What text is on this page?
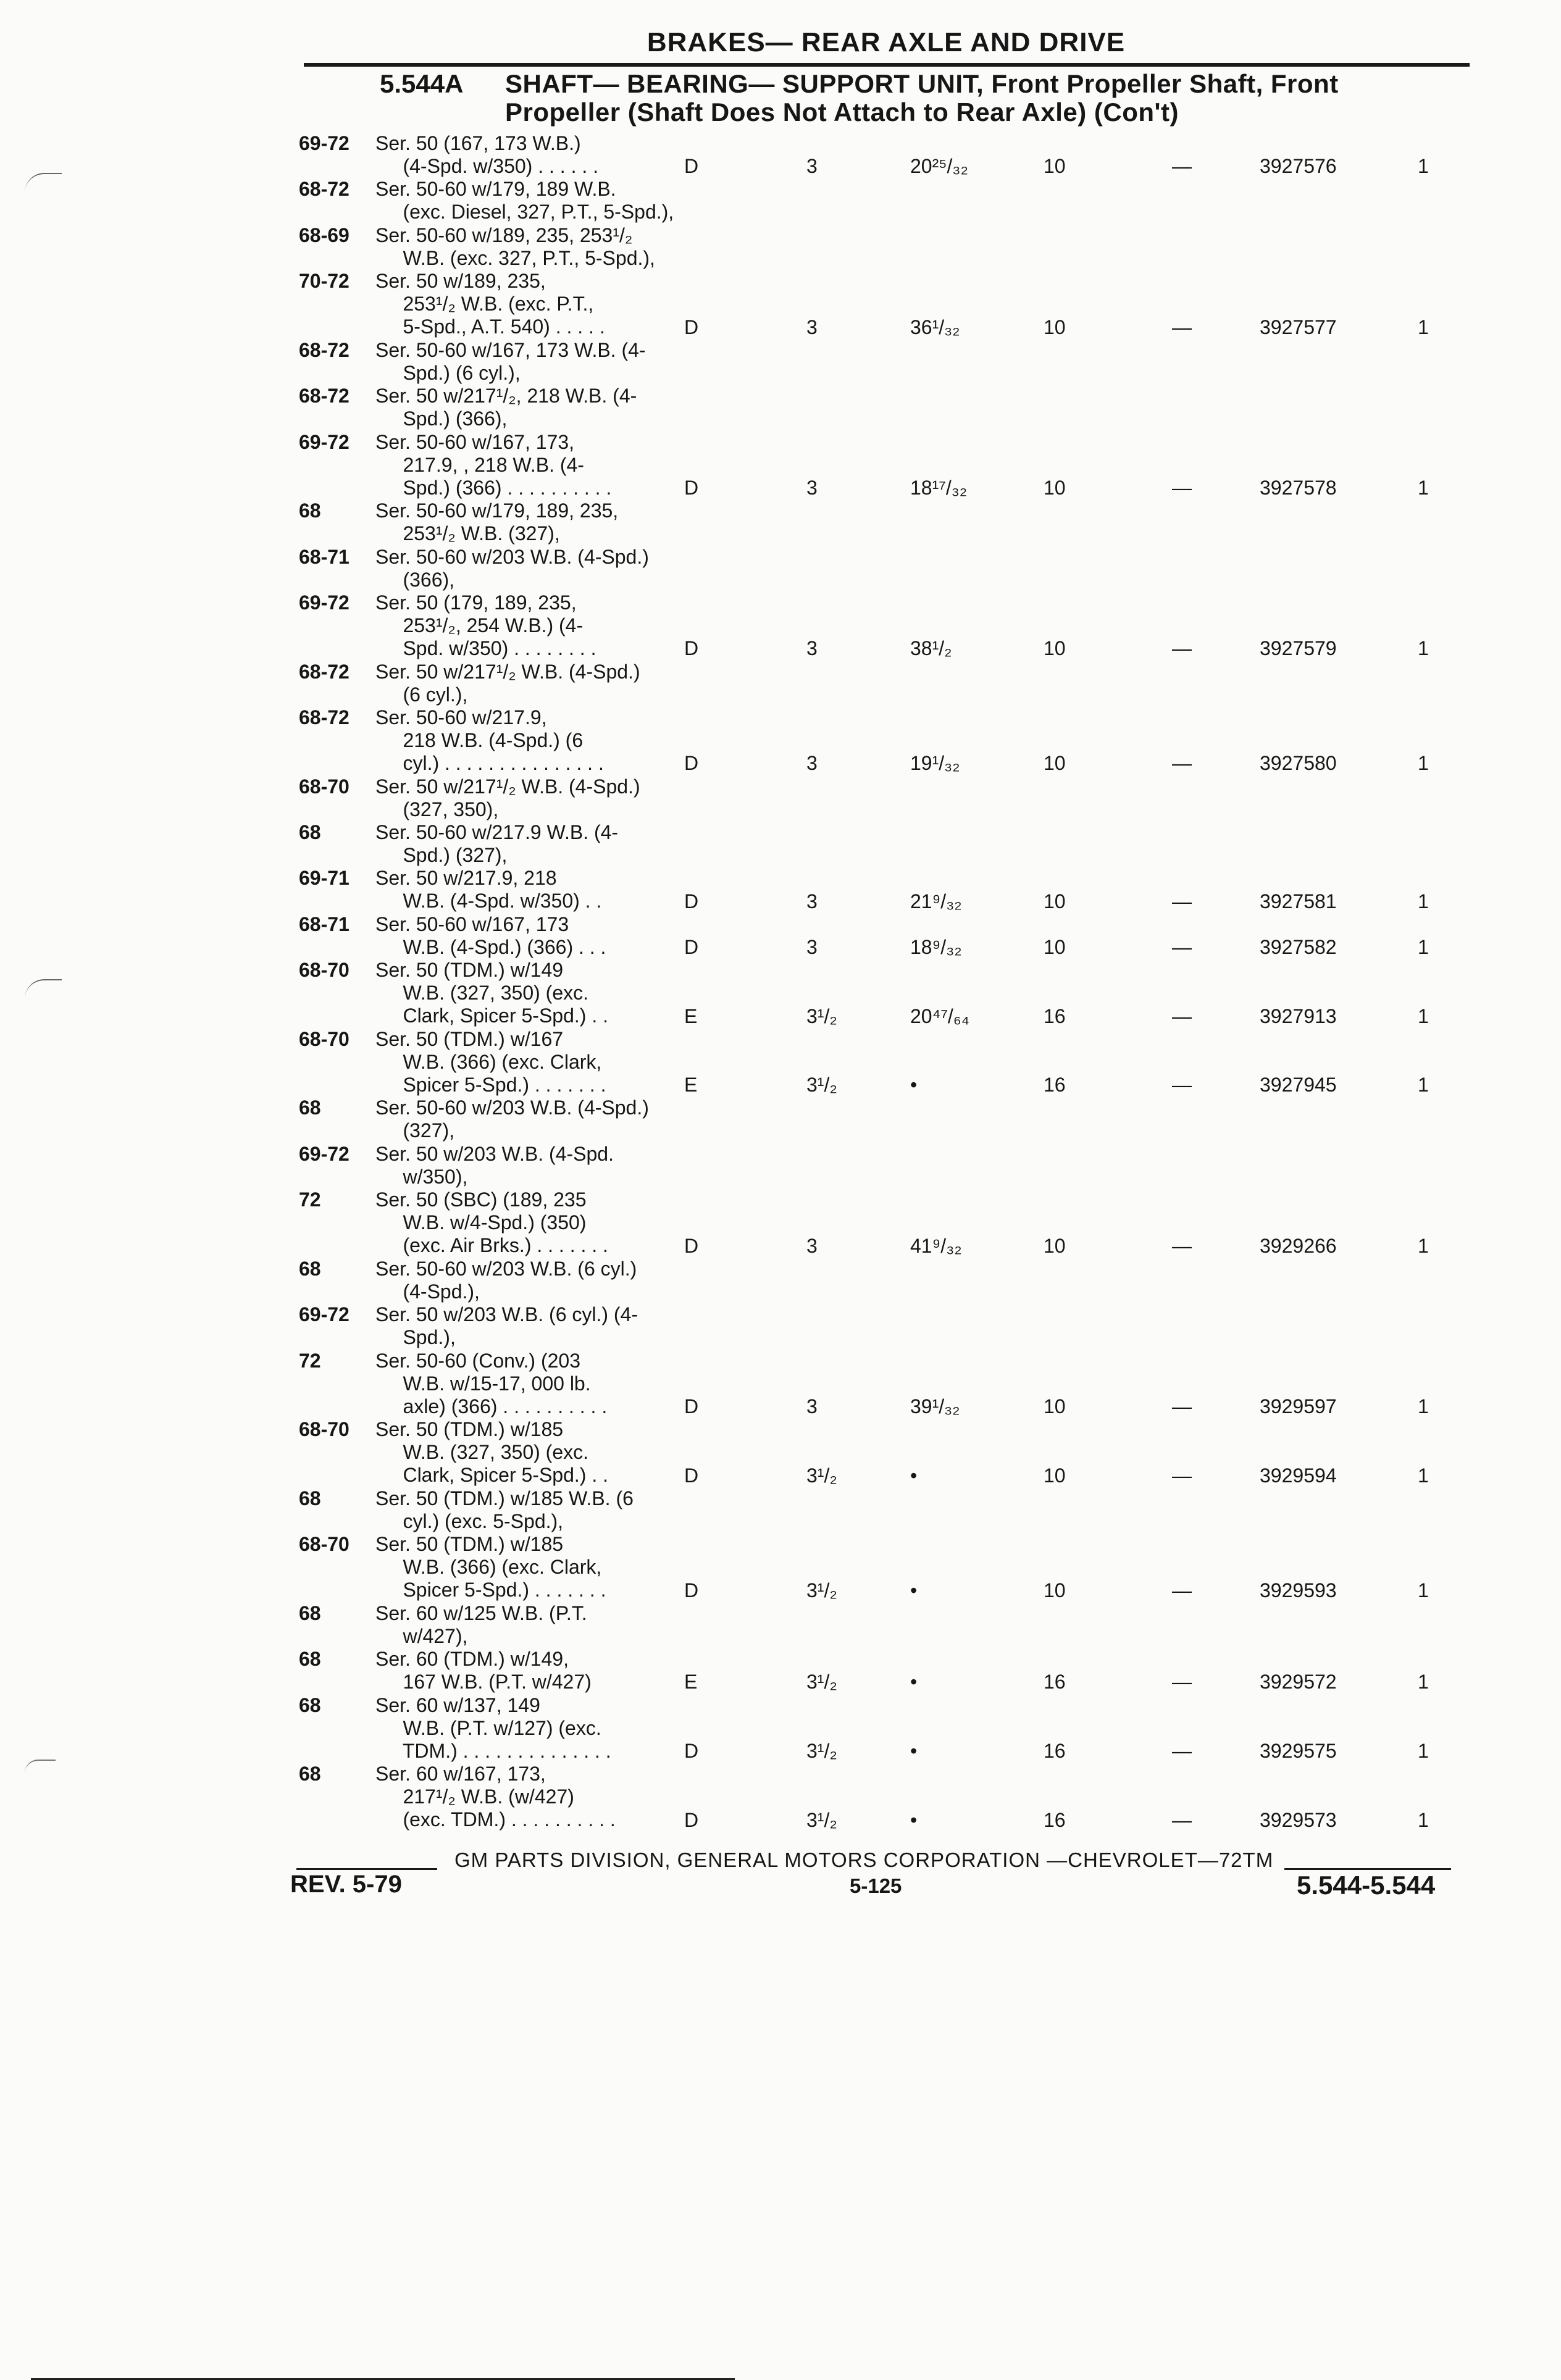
BRAKES— REAR AXLE AND DRIVE
5.544A SHAFT— BEARING— SUPPORT UNIT, Front Propeller Shaft, Front
Propeller (Shaft Does Not Attach to Rear Axle) (Con't)
69-72	Ser. 50 (167, 173 W.B.)
(4-Spd. w/350) . . . . . .	D	3	20²⁵/₃₂	10	—	3927576	1
68-72	Ser. 50-60 w/179, 189 W.B.
(exc. Diesel, 327, P.T., 5-Spd.),
68-69	Ser. 50-60 w/189, 235, 253¹/₂
W.B. (exc. 327, P.T., 5-Spd.),
70-72	Ser. 50 w/189, 235,
253¹/₂ W.B. (exc. P.T.,
5-Spd., A.T. 540) . . . . .	D	3	36¹/₃₂	10	—	3927577	1
68-72	Ser. 50-60 w/167, 173 W.B. (4-
Spd.) (6 cyl.),
68-72	Ser. 50 w/217¹/₂, 218 W.B. (4-
Spd.) (366),
69-72	Ser. 50-60 w/167, 173,
217.9, , 218 W.B. (4-
Spd.) (366) . . . . . . . . . .	D	3	18¹⁷/₃₂	10	—	3927578	1
68	Ser. 50-60 w/179, 189, 235,
253¹/₂ W.B. (327),
68-71	Ser. 50-60 w/203 W.B. (4-Spd.)
(366),
69-72	Ser. 50 (179, 189, 235,
253¹/₂, 254 W.B.) (4-
Spd. w/350) . . . . . . . .	D	3	38¹/₂	10	—	3927579	1
68-72	Ser. 50 w/217¹/₂ W.B. (4-Spd.)
(6 cyl.),
68-72	Ser. 50-60 w/217.9,
218 W.B. (4-Spd.) (6
cyl.) . . . . . . . . . . . . . . .	D	3	19¹/₃₂	10	—	3927580	1
68-70	Ser. 50 w/217¹/₂ W.B. (4-Spd.)
(327, 350),
68	Ser. 50-60 w/217.9 W.B. (4-
Spd.) (327),
69-71	Ser. 50 w/217.9, 218
W.B. (4-Spd. w/350) . .	D	3	21⁹/₃₂	10	—	3927581	1
68-71	Ser. 50-60 w/167, 173
W.B. (4-Spd.) (366) . . .	D	3	18⁹/₃₂	10	—	3927582	1
68-70	Ser. 50 (TDM.) w/149
W.B. (327, 350) (exc.
Clark, Spicer 5-Spd.) . .	E	3¹/₂	20⁴⁷/₆₄	16	—	3927913	1
68-70	Ser. 50 (TDM.) w/167
W.B. (366) (exc. Clark,
Spicer 5-Spd.) . . . . . . .	E	3¹/₂	•	16	—	3927945	1
68	Ser. 50-60 w/203 W.B. (4-Spd.)
(327),
69-72	Ser. 50 w/203 W.B. (4-Spd.
w/350),
72	Ser. 50 (SBC) (189, 235
W.B. w/4-Spd.) (350)
(exc. Air Brks.) . . . . . . .	D	3	41⁹/₃₂	10	—	3929266	1
68	Ser. 50-60 w/203 W.B. (6 cyl.)
(4-Spd.),
69-72	Ser. 50 w/203 W.B. (6 cyl.) (4-
Spd.),
72	Ser. 50-60 (Conv.) (203
W.B. w/15-17, 000 lb.
axle) (366) . . . . . . . . . .	D	3	39¹/₃₂	10	—	3929597	1
68-70	Ser. 50 (TDM.) w/185
W.B. (327, 350) (exc.
Clark, Spicer 5-Spd.) . .	D	3¹/₂	•	10	—	3929594	1
68	Ser. 50 (TDM.) w/185 W.B. (6
cyl.) (exc. 5-Spd.),
68-70	Ser. 50 (TDM.) w/185
W.B. (366) (exc. Clark,
Spicer 5-Spd.) . . . . . . .	D	3¹/₂	•	10	—	3929593	1
68	Ser. 60 w/125 W.B. (P.T.
w/427),
68	Ser. 60 (TDM.) w/149,
167 W.B. (P.T. w/427)	E	3¹/₂	•	16	—	3929572	1
68	Ser. 60 w/137, 149
W.B. (P.T. w/127) (exc.
TDM.) . . . . . . . . . . . . . .	D	3¹/₂	•	16	—	3929575	1
68	Ser. 60 w/167, 173,
217¹/₂ W.B. (w/427)
(exc. TDM.) . . . . . . . . . .	D	3¹/₂	•	16	—	3929573	1
GM PARTS DIVISION, GENERAL MOTORS CORPORATION —CHEVROLET—72TM
REV. 5-79	5-125	5.544-5.544
